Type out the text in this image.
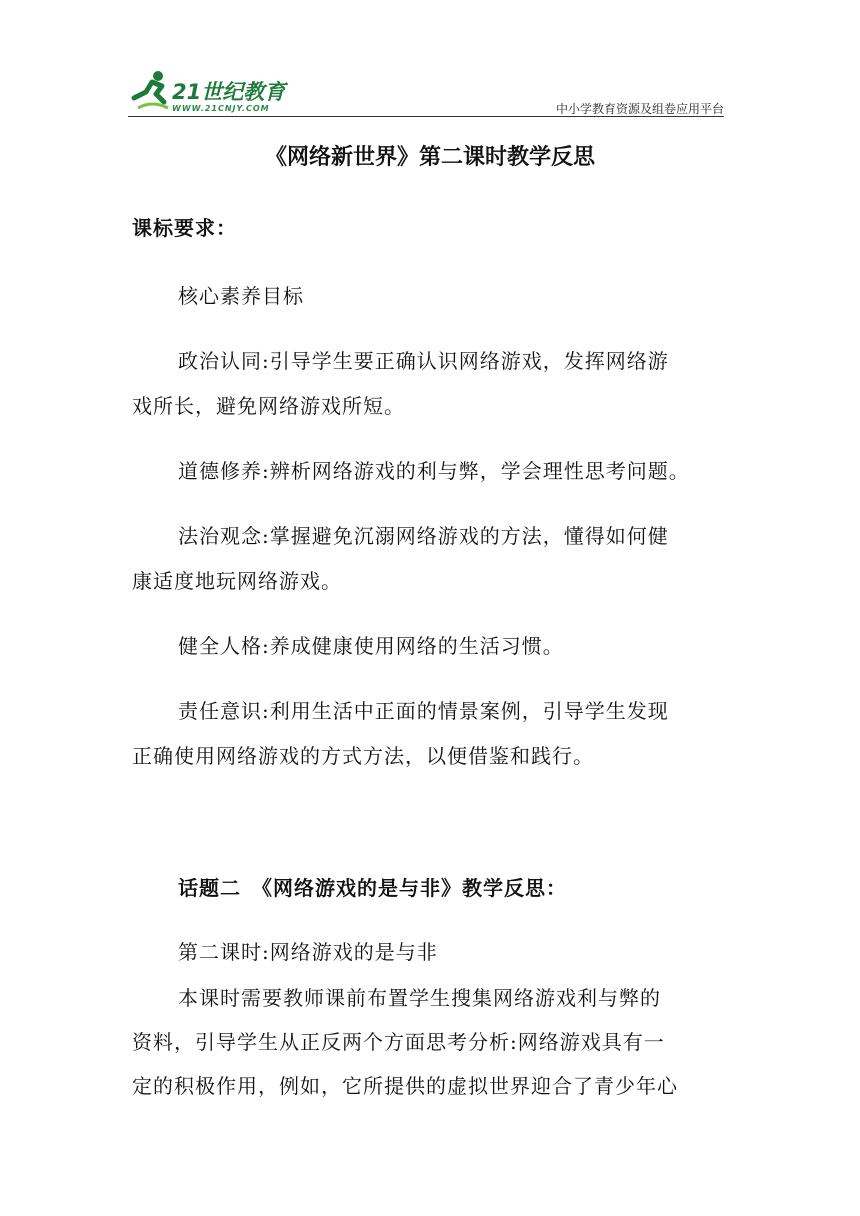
21世纪教育
WWW.21CNJY.COM	中小学教育资源及组卷应用平台
《网络新世界》第二课时教学反思
课标要求：
核心素养目标
政治认同:引导学生要正确认识网络游戏，发挥网络游
戏所长，避免网络游戏所短。
道德修养:辨析网络游戏的利与弊，学会理性思考问题。
法治观念:掌握避免沉溺网络游戏的方法，懂得如何健
康适度地玩网络游戏。
健全人格:养成健康使用网络的生活习惯。
责任意识:利用生活中正面的情景案例，引导学生发现
正确使用网络游戏的方式方法，以便借鉴和践行。
话题二　《网络游戏的是与非》教学反思：
第二课时:网络游戏的是与非
本课时需要教师课前布置学生搜集网络游戏利与弊的
资料，引导学生从正反两个方面思考分析:网络游戏具有一
定的积极作用，例如，它所提供的虚拟世界迎合了青少年心
